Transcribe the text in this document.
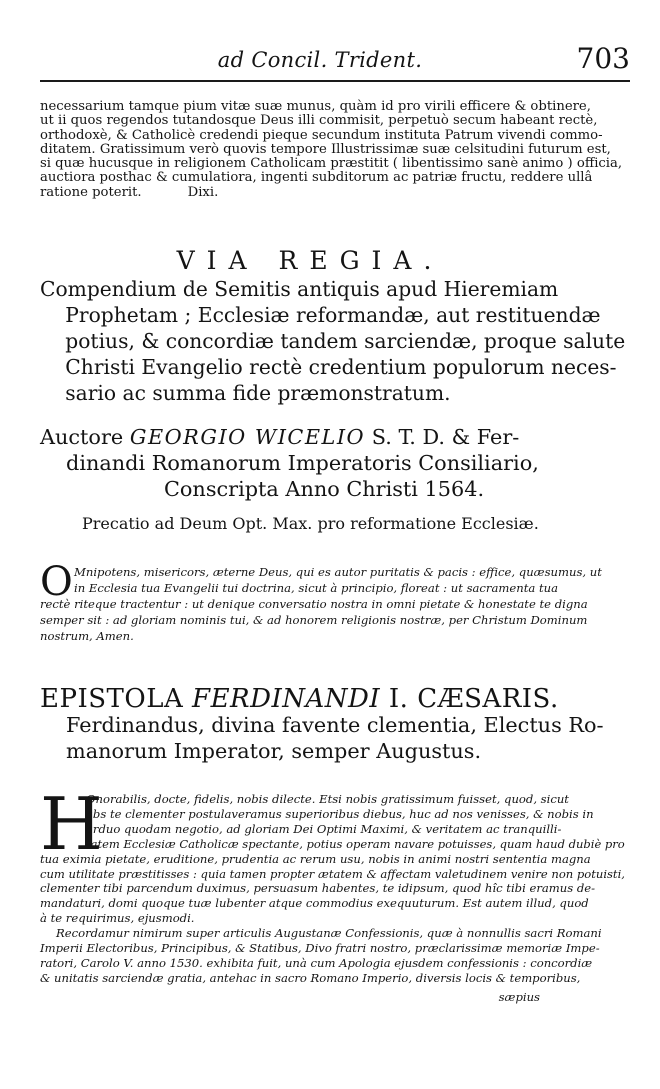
ad Concil. Trident.	703
necessarium tamque pium vitæ suæ munus, quàm id pro virili efficere & obtinere,
ut ii quos regendos tutandosque Deus illi commisit, perpetuò secum habeant rectè,
orthodoxè, & Catholicè credendi pieque secundum instituta Patrum vivendi commo-
ditatem. Gratissimum verò quovis tempore Illustrissimæ suæ celsitudini futurum est,
si quæ hucusque in religionem Catholicam præstitit ( libentissimo sanè animo ) officia,
auctiora posthac & cumulatiora, ingenti subditorum ac patriæ fructu, reddere ullâ
ratione poterit.	Dixi.
VIA REGIA.
Compendium de Semitis antiquis apud Hieremiam
Prophetam ; Ecclesiæ reformandæ, aut restituendæ
potius, & concordiæ tandem sarciendæ, proque salute
Christi Evangelio rectè credentium populorum neces-
sario ac summa fide præmonstratum.
Auctore GEORGIO WICELIO S. T. D. & Fer-
dinandi Romanorum Imperatoris Consiliario,
Conscripta Anno Christi 1564.
Precatio ad Deum Opt. Max. pro reformatione Ecclesiæ.
O Mnipotens, misericors, æterne Deus, qui es autor puritatis & pacis : effice, quæsumus, ut
in Ecclesia tua Evangelii tui doctrina, sicut à principio, floreat : ut sacramenta tua
rectè riteque tractentur : ut denique conversatio nostra in omni pietate & honestate te digna
semper sit : ad gloriam nominis tui, & ad honorem religionis nostræ, per Christum Dominum
nostrum, Amen.
EPISTOLA FERDINANDI I. CÆSARIS.
Ferdinandus, divina favente clementia, Electus Ro-
manorum Imperator, semper Augustus.
H
Onorabilis, docte, fidelis, nobis dilecte. Etsi nobis gratissimum fuisset, quod, sicut
abs te clementer postulaveramus superioribus diebus, huc ad nos venisses, & nobis in
arduo quodam negotio, ad gloriam Dei Optimi Maximi, & veritatem ac tranquilli-
tatem Ecclesiæ Catholicæ spectante, potius operam navare potuisses, quam haud dubiè pro
tua eximia pietate, eruditione, prudentia ac rerum usu, nobis in animi nostri sententia magna
cum utilitate præstitisses : quia tamen propter ætatem & affectam valetudinem venire non potuisti,
clementer tibi parcendum duximus, persuasum habentes, te idipsum, quod hîc tibi eramus de-
mandaturi, domi quoque tuæ lubenter atque commodius exequuturum. Est autem illud, quod
à te requirimus, ejusmodi.
Recordamur nimirum super articulis Augustanæ Confessionis, quæ à nonnullis sacri Romani
Imperii Electoribus, Principibus, & Statibus, Divo fratri nostro, præclarissimæ memoriæ Impe-
ratori, Carolo V. anno 1530. exhibita fuit, unà cum Apologia ejusdem confessionis : concordiæ
& unitatis sarciendæ gratia, antehac in sacro Romano Imperio, diversis locis & temporibus,
sæpius
